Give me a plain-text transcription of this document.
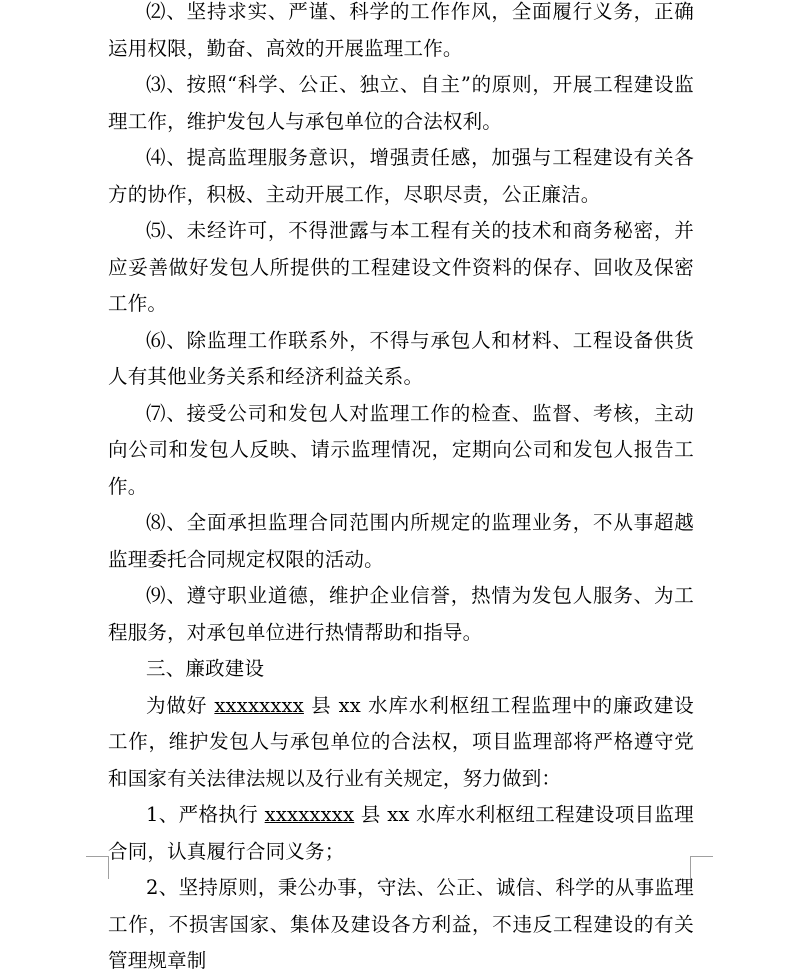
⑵、坚持求实、严谨、科学的工作作风，全面履行义务，正确运用权限，勤奋、高效的开展监理工作。

⑶、按照“科学、公正、独立、自主”的原则，开展工程建设监理工作，维护发包人与承包单位的合法权利。

⑷、提高监理服务意识，增强责任感，加强与工程建设有关各方的协作，积极、主动开展工作，尽职尽责，公正廉洁。

⑸、未经许可，不得泄露与本工程有关的技术和商务秘密，并应妥善做好发包人所提供的工程建设文件资料的保存、回收及保密工作。

⑹、除监理工作联系外，不得与承包人和材料、工程设备供货人有其他业务关系和经济利益关系。

⑺、接受公司和发包人对监理工作的检查、监督、考核，主动向公司和发包人反映、请示监理情况，定期向公司和发包人报告工作。

⑻、全面承担监理合同范围内所规定的监理业务，不从事超越监理委托合同规定权限的活动。

⑼、遵守职业道德，维护企业信誉，热情为发包人服务、为工程服务，对承包单位进行热情帮助和指导。

三、廉政建设

为做好 xxxxxxxx 县 xx 水库水利枢纽工程监理中的廉政建设工作，维护发包人与承包单位的合法权，项目监理部将严格遵守党和国家有关法律法规以及行业有关规定，努力做到：

1、严格执行 xxxxxxxx 县 xx 水库水利枢纽工程建设项目监理合同，认真履行合同义务；

2、坚持原则，秉公办事，守法、公正、诚信、科学的从事监理工作，不损害国家、集体及建设各方利益，不违反工程建设的有关管理规章制
